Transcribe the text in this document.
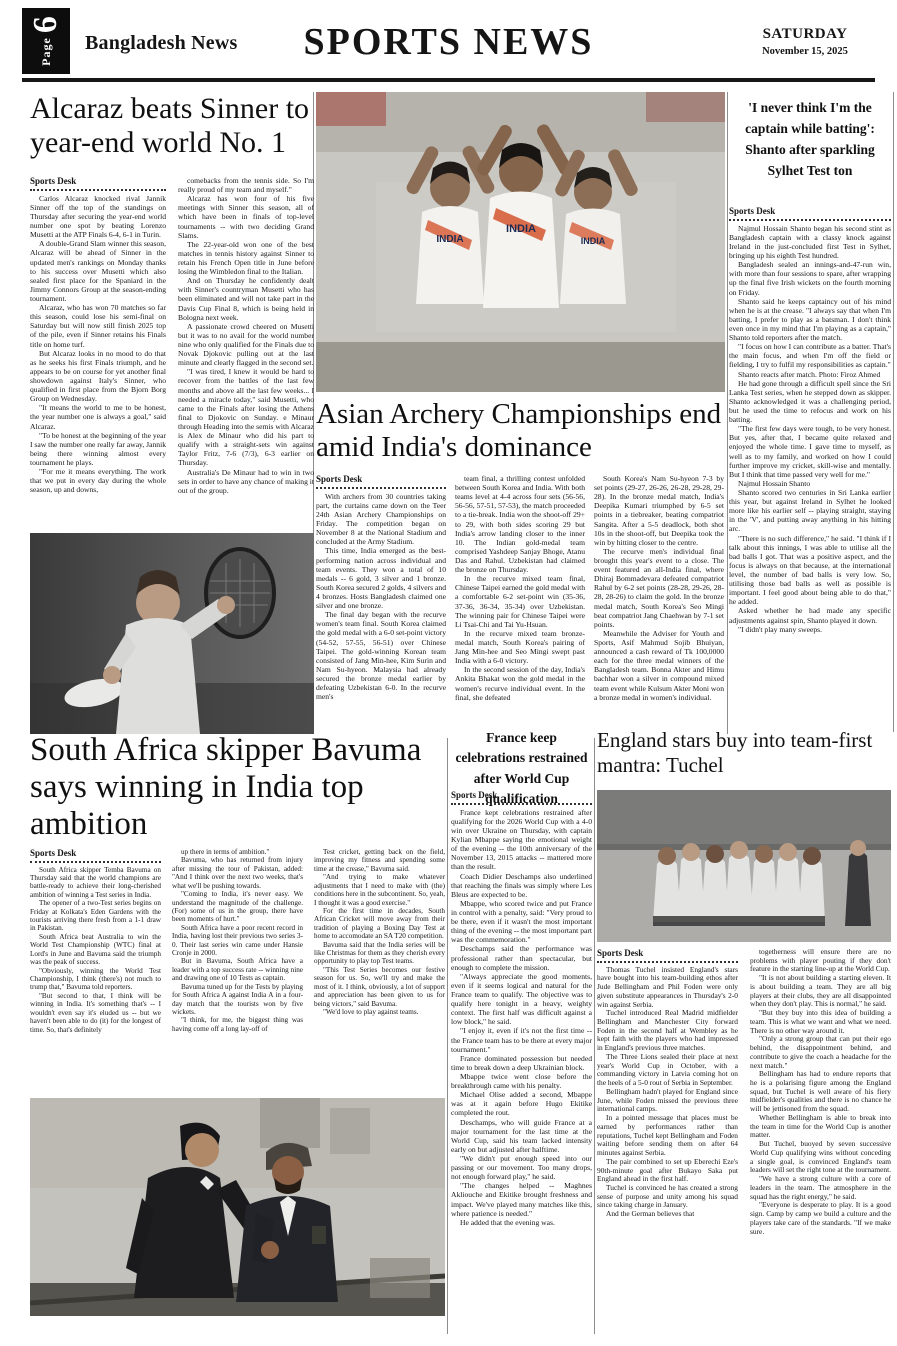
Page6
Bangladesh News	SPORTS NEWS	SATURDAY
November 15, 2025
Alcaraz beats Sinner to year-end world No. 1
Sports Desk

Carlos Alcaraz knocked rival Jannik Sinner off the top of the standings on Thursday after securing the year-end world number one spot by beating Lorenzo Musetti at the ATP Finals 6-4, 6-1 in Turin.

A double-Grand Slam winner this season, Alcaraz will be ahead of Sinner in the updated men's rankings on Monday thanks to his success over Musetti which also sealed first place for the Spaniard in the Jimmy Connors Group at the season-ending tournament.

Alcaraz, who has won 70 matches so far this season, could lose his semi-final on Saturday but will now still finish 2025 top of the pile, even if Sinner retains his Finals title on home turf.

But Alcaraz looks in no mood to do that as he seeks his first Finals triumph, and he appears to be on course for yet another final showdown against Italy's Sinner, who qualified in first place from the Bjorn Borg Group on Wednesday.

"It means the world to me to be honest, the year number one is always a goal," said Alcaraz.

"To be honest at the beginning of the year I saw the number one really far away, Jannik being there winning almost every tournament he plays.

"For me it means everything. The work that we put in every day during the whole season, up and downs,

comebacks from the tennis side. So I'm really proud of my team and myself."

Alcaraz has won four of his five meetings with Sinner this season, all of which have been in finals of top-level tournaments -- with two deciding Grand Slams.

The 22-year-old won one of the best matches in tennis history against Sinner to retain his French Open title in June before losing the Wimbledon final to the Italian.

And on Thursday he confidently dealt with Sinner's countryman Musetti who has been eliminated and will not take part in the Davis Cup Final 8, which is being held in Bologna next week.

A passionate crowd cheered on Musetti but it was to no avail for the world number nine who only qualified for the Finals due to Novak Djokovic pulling out at the last minute and clearly flagged in the second set.

"I was tired, I knew it would be hard to recover from the battles of the last few months and above all the last few weeks... I needed a miracle today," said Musetti, who came to the Finals after losing the Athens final to Djokovic on Sunday. e Minaur through Heading into the semis with Alcaraz is Alex de Minaur who did his part to qualify with a straight-sets win against Taylor Fritz, 7-6 (7/3), 6-3 earlier on Thursday.

Australia's De Minaur had to win in two sets in order to have any chance of making it out of the group.

INDIA
INDIA
INDIA
Asian Archery Championships end amid India's dominance
Sports Desk

With archers from 30 countries taking part, the curtains came down on the Teer 24th Asian Archery Championships on Friday. The competition began on November 8 at the National Stadium and concluded at the Army Stadium.

This time, India emerged as the best-performing nation across individual and team events. They won a total of 10 medals -- 6 gold, 3 silver and 1 bronze. South Korea secured 2 golds, 4 silvers and 4 bronzes. Hosts Bangladesh claimed one silver and one bronze.

The final day began with the recurve women's team final. South Korea claimed the gold medal with a 6-0 set-point victory (54-52, 57-55, 56-51) over Chinese Taipei. The gold-winning Korean team consisted of Jang Min-hee, Kim Surin and Nam Su-hyeon. Malaysia had already secured the bronze medal earlier by defeating Uzbekistan 6-0. In the recurve men's

team final, a thrilling contest unfolded between South Korea and India. With both teams level at 4-4 across four sets (56-56, 56-56, 57-51, 57-53), the match proceeded to a tie-break. India won the shoot-off 29+ to 29, with both sides scoring 29 but India's arrow landing closer to the inner 10. The Indian gold-medal team comprised Yashdeep Sanjay Bhoge, Atanu Das and Rahul. Uzbekistan had claimed the bronze on Thursday.

In the recurve mixed team final, Chinese Taipei earned the gold medal with a comfortable 6-2 set-point win (35-36, 37-36, 36-34, 35-34) over Uzbekistan. The winning pair for Chinese Taipei were Li Tsai-Chi and Tai Yu-Hsuan.

In the recurve mixed team bronze-medal match, South Korea's pairing of Jang Min-hee and Seo Mingi swept past India with a 6-0 victory.

In the second session of the day, India's Ankita Bhakat won the gold medal in the women's recurve individual event. In the final, she defeated

South Korea's Nam Su-hyeon 7-3 by set points (29-27, 26-26, 26-28, 29-28, 29-28). In the bronze medal match, India's Deepika Kumari triumphed by 6-5 set points in a tiebreaker, beating compatriot Sangita. After a 5-5 deadlock, both shot 10s in the shoot-off, but Deepika took the win by hitting closer to the centre.

The recurve men's individual final brought this year's event to a close. The event featured an all-India final, where Dhiraj Bommadevara defeated compatriot Rahul by 6-2 set points (28-28, 29-26, 28-28, 28-26) to claim the gold. In the bronze medal match, South Korea's Seo Mingi beat compatriot Jang Chaehwan by 7-1 set points.

Meanwhile the Adviser for Youth and Sports, Asif Mahmud Sojib Bhuiyan, announced a cash reward of Tk 100,0000 each for the three medal winners of the Bangladesh team. Bonna Akter and Himu bachhar won a silver in compound mixed team event while Kulsum Akter Moni won a bronze medal in women's individual.

'I never think I'm the captain while batting': Shanto after sparkling Sylhet Test ton
Sports Desk

Najmul Hossain Shanto began his second stint as Bangladesh captain with a classy knock against Ireland in the just-concluded first Test in Sylhet, bringing up his eighth Test hundred.

Bangladesh sealed an innings-and-47-run win, with more than four sessions to spare, after wrapping up the final five Irish wickets on the fourth morning on Friday.

Shanto said he keeps captaincy out of his mind when he is at the crease. "I always say that when I'm batting, I prefer to play as a batsman. I don't think even once in my mind that I'm playing as a captain," Shanto told reporters after the match.

"I focus on how I can contribute as a batter. That's the main focus, and when I'm off the field or fielding, I try to fulfil my responsibilities as captain."

Shanto reacts after match. Photo: Firoz Ahmed

He had gone through a difficult spell since the Sri Lanka Test series, when he stepped down as skipper. Shanto acknowledged it was a challenging period, but he used the time to refocus and work on his batting.

"The first few days were tough, to be very honest. But yes, after that, I became quite relaxed and enjoyed the whole time. I gave time to myself, as well as to my family, and worked on how I could further improve my cricket, skill-wise and mentally. But I think that time passed very well for me."

Najmul Hossain Shanto

Shanto scored two centuries in Sri Lanka earlier this year, but against Ireland in Sylhet he looked more like his earlier self -- playing straight, staying in the 'V', and putting away anything in his hitting arc.

"There is no such difference," he said. "I think if I talk about this innings, I was able to utilise all the bad balls I got. That was a positive aspect, and the focus is always on that because, at the international level, the number of bad balls is very low. So, utilising those bad balls as well as possible is important. I feel good about being able to do that," he added.

Asked whether he had made any specific adjustments against spin, Shanto played it down.

"I didn't play many sweeps.

South Africa skipper Bavuma says winning in India top ambition
Sports Desk

South Africa skipper Temba Bavuma on Thursday said that the world champions are battle-ready to achieve their long-cherished ambition of winning a Test series in India.

The opener of a two-Test series begins on Friday at Kolkata's Eden Gardens with the tourists arriving there fresh from a 1-1 draw in Pakistan.

South Africa beat Australia to win the World Test Championship (WTC) final at Lord's in June and Bavuma said the triumph was the peak of success.

"Obviously, winning the World Test Championship, I think (there's) not much to trump that," Bavuma told reporters.

"But second to that, I think will be winning in India. It's something that's -- I wouldn't even say it's eluded us -- but we haven't been able to do (it) for the longest of time. So, that's definitely

up there in terms of ambition."

Bavuma, who has returned from injury after missing the tour of Pakistan, added: "And I think over the next two weeks, that's what we'll be pushing towards.

"Coming to India, it's never easy. We understand the magnitude of the challenge. (For) some of us in the group, there have been moments of hurt."

South Africa have a poor recent record in India, having lost their previous two series 3-0. Their last series win came under Hansie Cronje in 2000.

But in Bavuma, South Africa have a leader with a top success rate -- winning nine and drawing one of 10 Tests as captain.

Bavuma tuned up for the Tests by playing for South Africa A against India A in a four-day match that the tourists won by five wickets.

"I think, for me, the biggest thing was having come off a long lay-off of

Test cricket, getting back on the field, improving my fitness and spending some time at the crease," Bavuma said.

"And trying to make whatever adjustments that I need to make with (the) conditions here in the subcontinent. So, yeah, I thought it was a good exercise."

For the first time in decades, South African Cricket will move away from their tradition of playing a Boxing Day Test at home to accomodate an SA T20 competition.

Bavuma said that the India series will be like Christmas for them as they cherish every opportunity to play top Test teams.

"This Test Series becomes our festive season for us. So, we'll try and make the most of it. I think, obviously, a lot of support and appreciation has been given to us for being victors," said Bavuma.

"We'd love to play against teams.

France keep celebrations restrained after World Cup qualification
Sports Desk

France kept celebrations restrained after qualifying for the 2026 World Cup with a 4-0 win over Ukraine on Thursday, with captain Kylian Mbappe saying the emotional weight of the evening -- the 10th anniversary of the November 13, 2015 attacks -- mattered more than the result.

Coach Didier Deschamps also underlined that reaching the finals was simply where Les Bleus are expected to be.

Mbappe, who scored twice and put France in control with a penalty, said: "Very proud to be there, even if it wasn't the most important thing of the evening -- the most important part was the commemoration."

Deschamps said the performance was professional rather than spectacular, but enough to complete the mission.

"Always appreciate the good moments, even if it seems logical and natural for the France team to qualify. The objective was to qualify here tonight in a heavy, weighty context. The first half was difficult against a low block," he said.

"I enjoy it, even if it's not the first time -- the France team has to be there at every major tournament."

France dominated possession but needed time to break down a deep Ukrainian block.

Mbappe twice went close before the breakthrough came with his penalty.

Michael Olise added a second, Mbappe was at it again before Hugo Ekitike completed the rout.

Deschamps, who will guide France at a major tournament for the last time at the World Cup, said his team lacked intensity early on but adjusted after halftime.

"We didn't put enough speed into our passing or our movement. Too many drops, not enough forward play," he said.

"The changes helped -- Maghnes Akliouche and Ekitike brought freshness and impact. We've played many matches like this, where patience is needed."

He added that the evening was.

England stars buy into team-first mantra: Tuchel
Sports Desk

Thomas Tuchel insisted England's stars have bought into his team-building ethos after Jude Bellingham and Phil Foden were only given substitute appearances in Thursday's 2-0 win against Serbia.

Tuchel introduced Real Madrid midfielder Bellingham and Manchester City forward Foden in the second half at Wembley as he kept faith with the players who had impressed in England's previous three matches.

The Three Lions sealed their place at next year's World Cup in October, with a commanding victory in Latvia coming hot on the heels of a 5-0 rout of Serbia in September.

Bellingham hadn't played for England since June, while Foden missed the previous three international camps.

In a pointed message that places must be earned by performances rather than reputations, Tuchel kept Bellingham and Foden waiting before sending them on after 64 minutes against Serbia.

The pair combined to set up Eberechi Eze's 90th-minute goal after Bukayo Saka put England ahead in the first half.

Tuchel is convinced he has created a strong sense of purpose and unity among his squad since taking charge in January.

And the German believes that

togetherness will ensure there are no problems with player pouting if they don't feature in the starting line-up at the World Cup.

"It is not about building a starting eleven. It is about building a team. They are all big players at their clubs, they are all disappointed when they don't play. This is normal," he said.

"But they buy into this idea of building a team. This is what we want and what we need. There is no other way around it.

"Only a strong group that can put their ego behind, the disappointment behind, and contribute to give the coach a headache for the next match."

Bellingham has had to endure reports that he is a polarising figure among the England squad, but Tuchel is well aware of his fiery midfielder's qualities and there is no chance he will be jettisoned from the squad.

Whether Bellingham is able to break into the team in time for the World Cup is another matter.

But Tuchel, buoyed by seven successive World Cup qualifying wins without conceding a single goal, is convinced England's team leaders will set the right tone at the tournament.

"We have a strong culture with a core of leaders in the team. The atmosphere in the squad has the right energy," he said.

"Everyone is desperate to play. It is a good sign. Camp by camp we build a culture and the players take care of the standards. "If we make sure.
